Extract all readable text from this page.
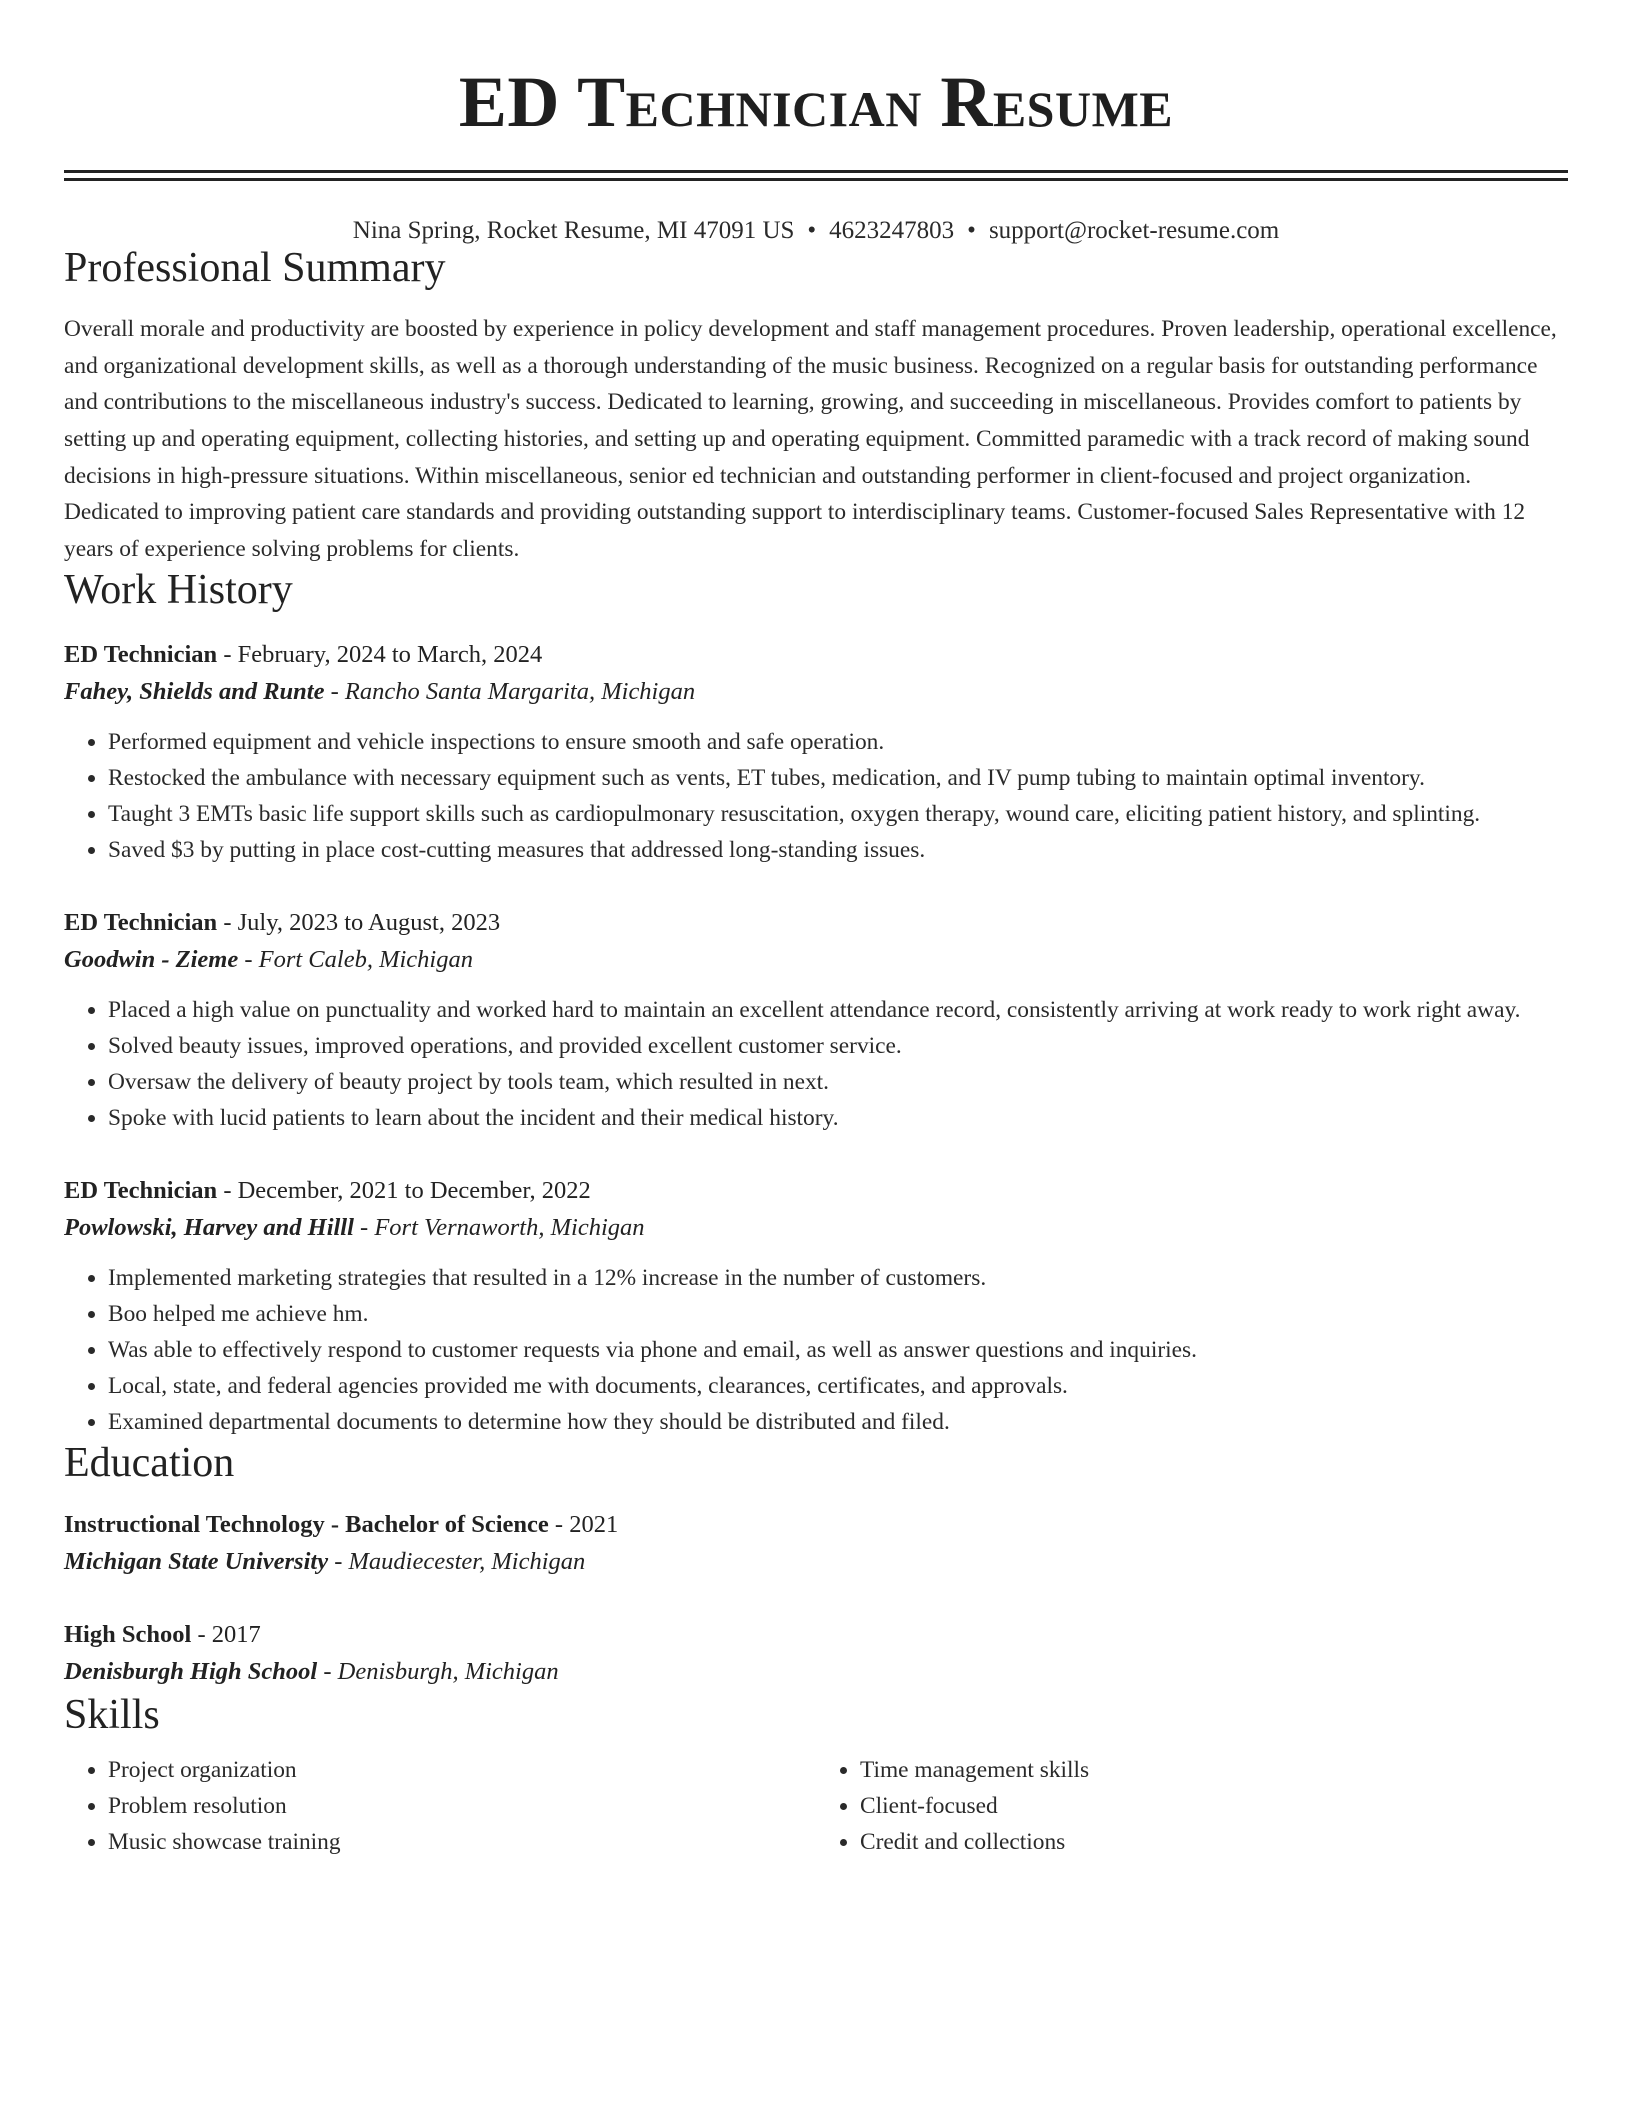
ED Technician Resume
Nina Spring, Rocket Resume, MI 47091 US • 4623247803 • support@rocket-resume.com
Professional Summary
Overall morale and productivity are boosted by experience in policy development and staff management procedures. Proven leadership, operational excellence, and organizational development skills, as well as a thorough understanding of the music business. Recognized on a regular basis for outstanding performance and contributions to the miscellaneous industry's success. Dedicated to learning, growing, and succeeding in miscellaneous. Provides comfort to patients by setting up and operating equipment, collecting histories, and setting up and operating equipment. Committed paramedic with a track record of making sound decisions in high-pressure situations. Within miscellaneous, senior ed technician and outstanding performer in client-focused and project organization. Dedicated to improving patient care standards and providing outstanding support to interdisciplinary teams. Customer-focused Sales Representative with 12 years of experience solving problems for clients.
Work History
ED Technician - February, 2024 to March, 2024
Fahey, Shields and Runte - Rancho Santa Margarita, Michigan
• Performed equipment and vehicle inspections to ensure smooth and safe operation.
• Restocked the ambulance with necessary equipment such as vents, ET tubes, medication, and IV pump tubing to maintain optimal inventory.
• Taught 3 EMTs basic life support skills such as cardiopulmonary resuscitation, oxygen therapy, wound care, eliciting patient history, and splinting.
• Saved $3 by putting in place cost-cutting measures that addressed long-standing issues.
ED Technician - July, 2023 to August, 2023
Goodwin - Zieme - Fort Caleb, Michigan
• Placed a high value on punctuality and worked hard to maintain an excellent attendance record, consistently arriving at work ready to work right away.
• Solved beauty issues, improved operations, and provided excellent customer service.
• Oversaw the delivery of beauty project by tools team, which resulted in next.
• Spoke with lucid patients to learn about the incident and their medical history.
ED Technician - December, 2021 to December, 2022
Powlowski, Harvey and Hilll - Fort Vernaworth, Michigan
• Implemented marketing strategies that resulted in a 12% increase in the number of customers.
• Boo helped me achieve hm.
• Was able to effectively respond to customer requests via phone and email, as well as answer questions and inquiries.
• Local, state, and federal agencies provided me with documents, clearances, certificates, and approvals.
• Examined departmental documents to determine how they should be distributed and filed.
Education
Instructional Technology - Bachelor of Science - 2021
Michigan State University - Maudiecester, Michigan
High School - 2017
Denisburgh High School - Denisburgh, Michigan
Skills
• Project organization
• Problem resolution
• Music showcase training
• Time management skills
• Client-focused
• Credit and collections
